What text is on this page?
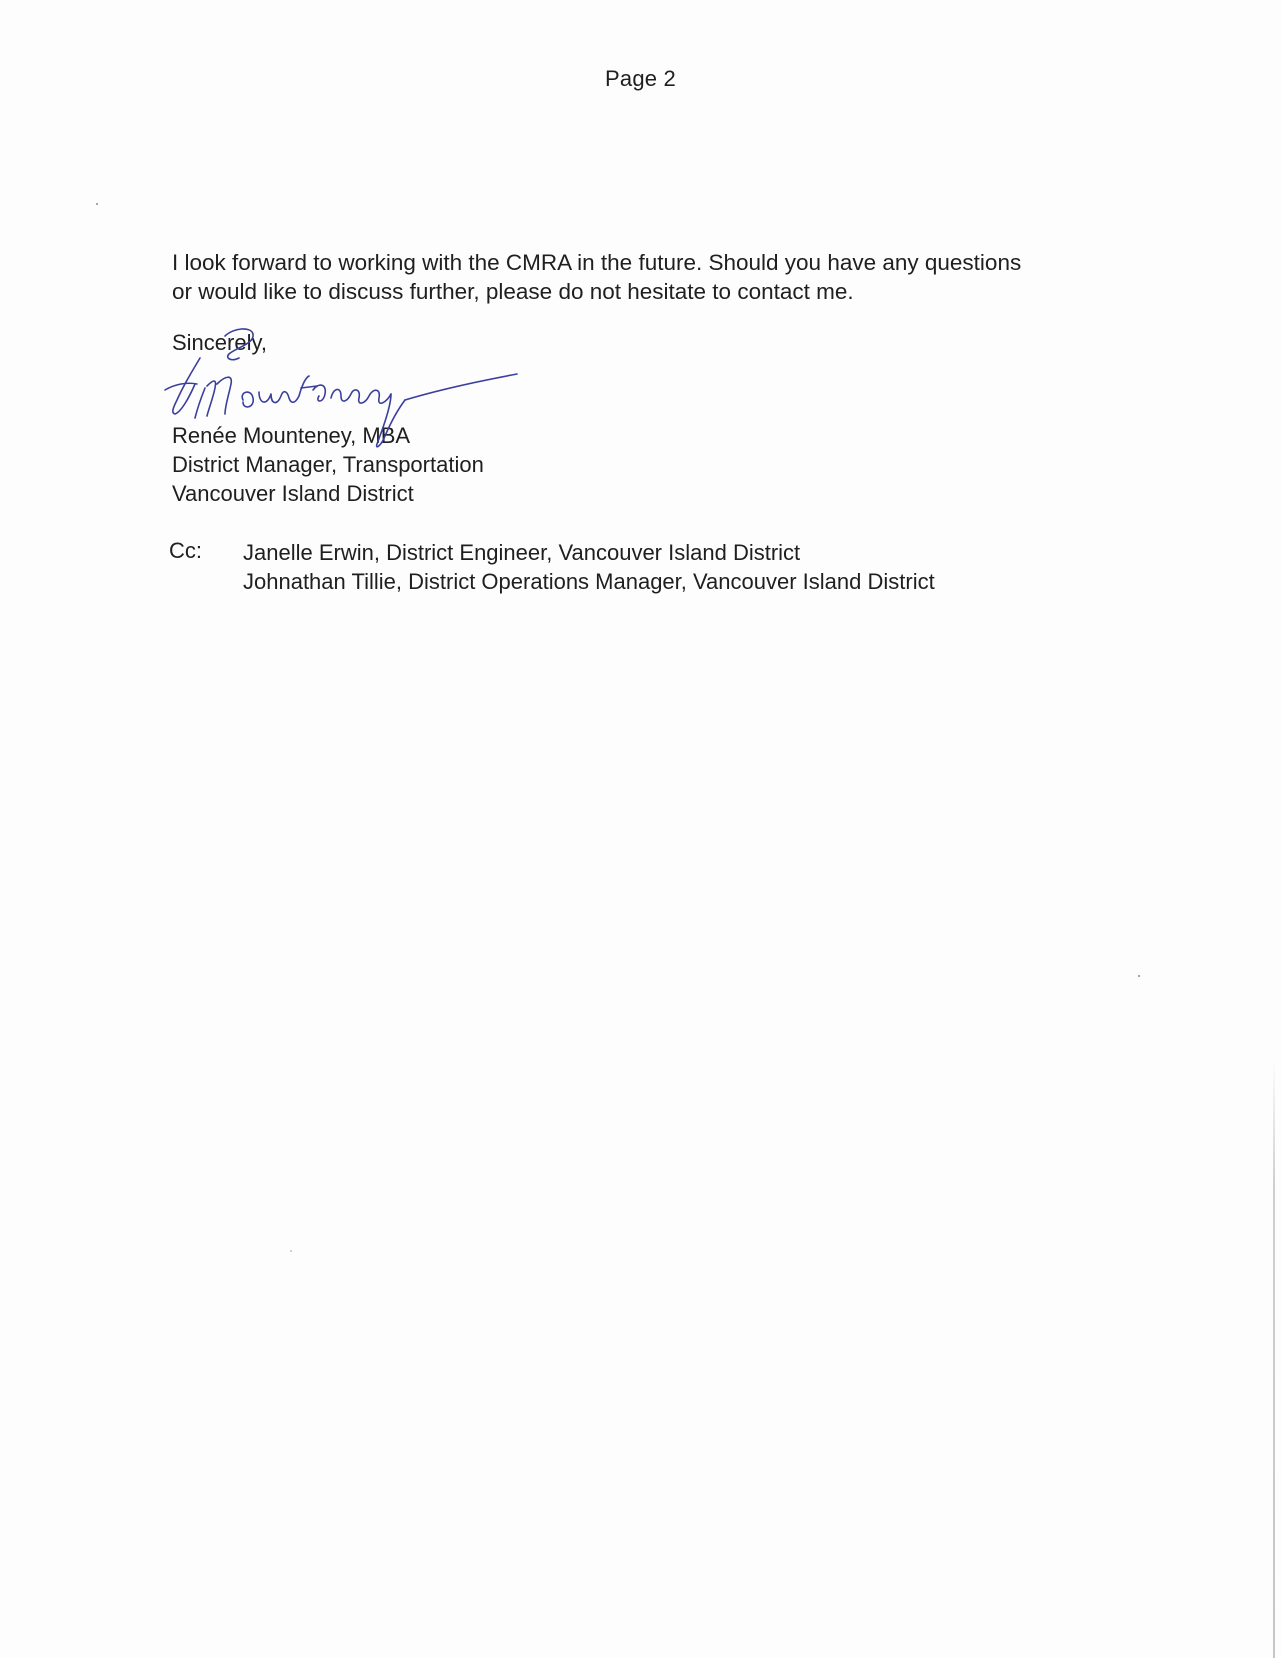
Page 2

I look forward to working with the CMRA in the future. Should you have any questions

or would like to discuss further, please do not hesitate to contact me.

Sincerely,
Renée Mounteney, MBA
District Manager, Transportation
Vancouver Island District
Cc: Janelle Erwin, District Engineer, Vancouver Island District
Johnathan Tillie, District Operations Manager, Vancouver Island District
